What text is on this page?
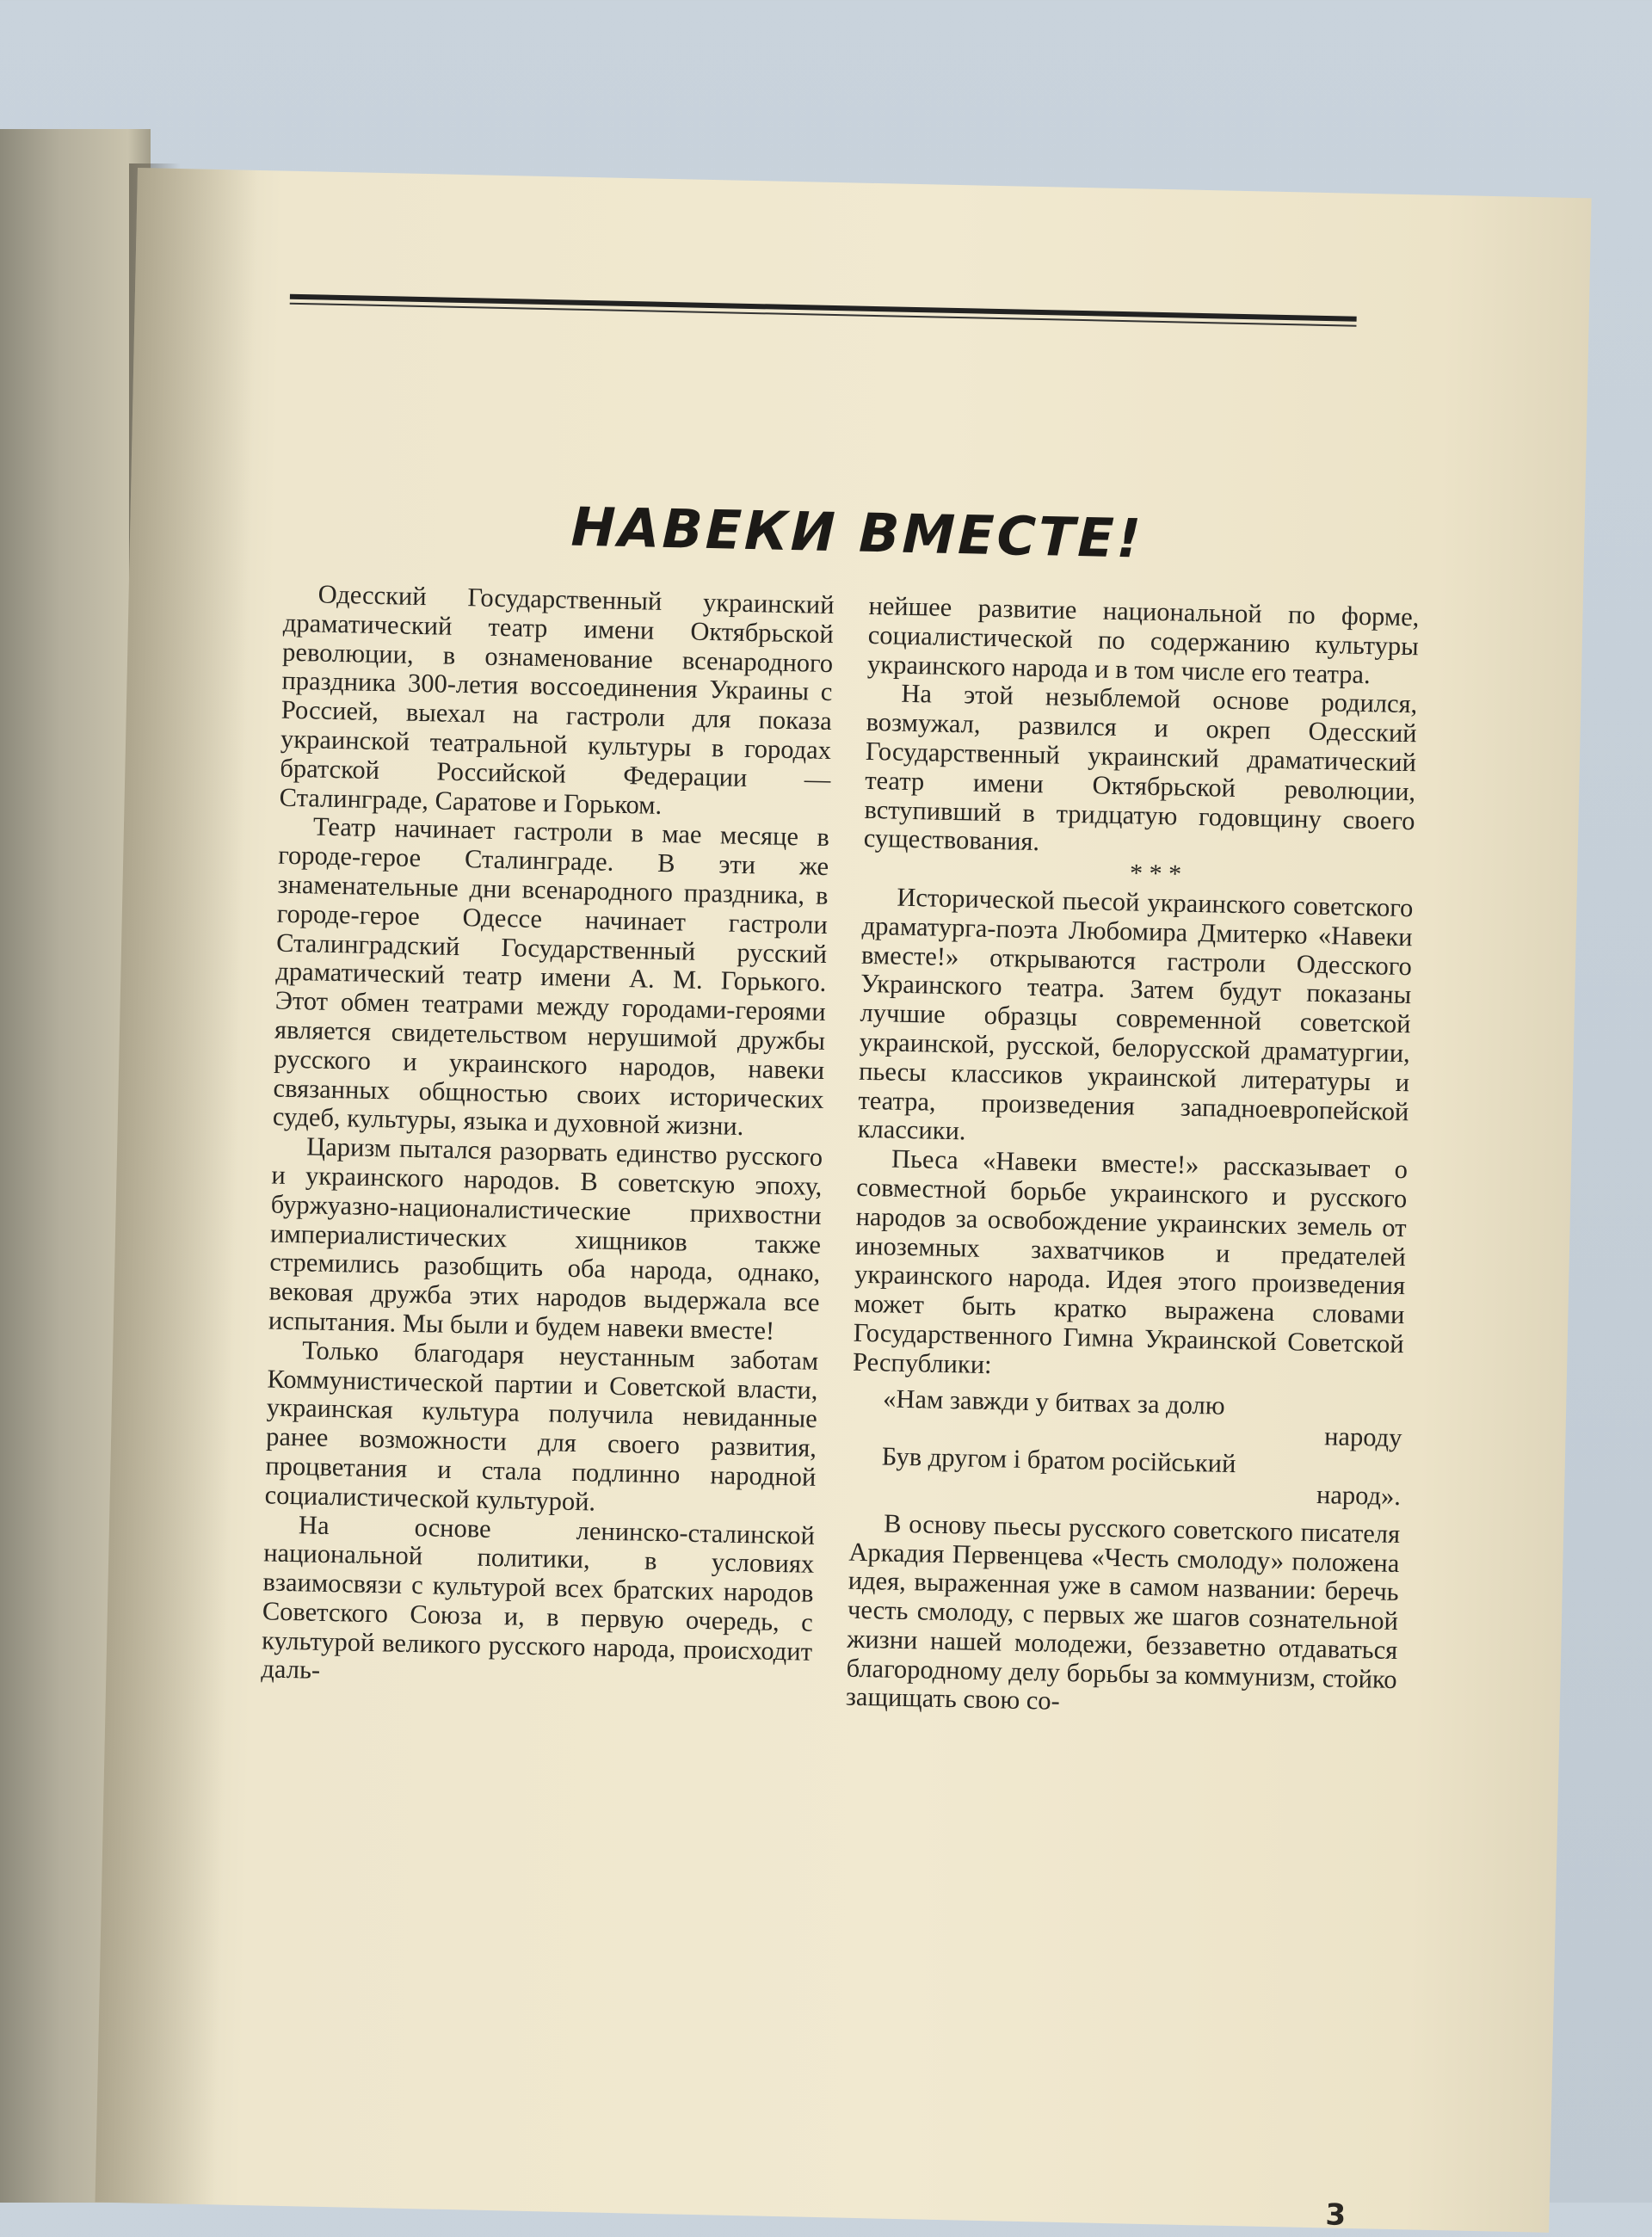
НАВЕКИ ВМЕСТЕ!

Одесский Государственный украинский драматический театр имени Октябрьской революции, в ознаменование всенародного праздника 300-летия воссоединения Украины с Россией, выехал на гастроли для показа украинской театральной культуры в городах братской Российской Федерации — Сталинграде, Саратове и Горьком.

Театр начинает гастроли в мае месяце в городе-герое Сталинграде. В эти же знаменательные дни всенародного праздника, в городе-герое Одессе начинает гастроли Сталинградский Государственный русский драматический театр имени А. М. Горького. Этот обмен театрами между городами-героями является свидетельством нерушимой дружбы русского и украинского народов, навеки связанных общностью своих исторических судеб, культуры, языка и духовной жизни.

Царизм пытался разорвать единство русского и украинского народов. В советскую эпоху, буржуазно-националистические прихвостни империалистических хищников также стремились разобщить оба народа, однако, вековая дружба этих народов выдержала все испытания. Мы были и будем навеки вместе!

Только благодаря неустанным заботам Коммунистической партии и Советской власти, украинская культура получила невиданные ранее возможности для своего развития, процветания и стала подлинно народной социалистической культурой.

На основе ленинско-сталинской национальной политики, в условиях взаимосвязи с культурой всех братских народов Советского Союза и, в первую очередь, с культурой великого русского народа, происходит даль-

нейшее развитие национальной по форме, социалистической по содержанию культуры украинского народа и в том числе его театра.

На этой незыблемой основе родился, возмужал, развился и окреп Одесский Государственный украинский драматический театр имени Октябрьской революции, вступивший в тридцатую годовщину своего существования.

* * *

Исторической пьесой украинского советского драматурга-поэта Любомира Дмитерко «Навеки вместе!» открываются гастроли Одесского Украинского театра. Затем будут показаны лучшие образцы современной советской украинской, русской, белорусской драматургии, пьесы классиков украинской литературы и театра, произведения западноевропейской классики.

Пьеса «Навеки вместе!» рассказывает о совместной борьбе украинского и русского народов за освобождение украинских земель от иноземных захватчиков и предателей украинского народа. Идея этого произведения может быть кратко выражена словами Государственного Гимна Украинской Советской Республики:

«Нам завжди у битвах за долю
народу
Був другом і братом російський
народ».

В основу пьесы русского советского писателя Аркадия Первенцева «Честь смолоду» положена идея, выраженная уже в самом названии: беречь честь смолоду, с первых же шагов сознательной жизни нашей молодежи, беззаветно отдаваться благородному делу борьбы за коммунизм, стойко защищать свою со-

3
